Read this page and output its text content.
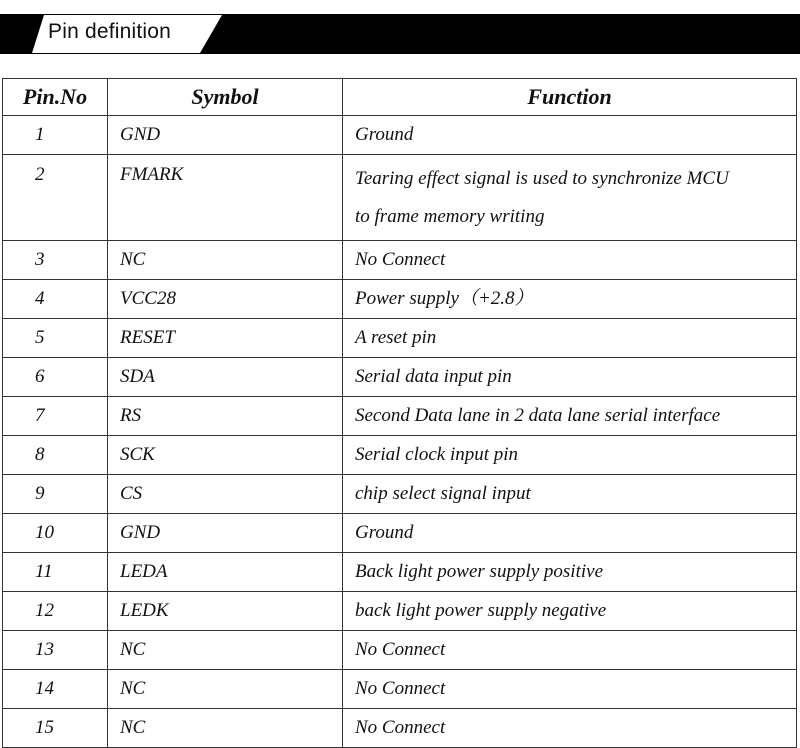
Pin definition
Pin.No	Symbol	Function
1	GND	Ground

2	FMARK	Tearing effect signal is used to synchronize MCU
to frame memory writing

3	NC	No Connect

4	VCC28	Power supply（+2.8）

5	RESET	A reset pin

6	SDA	Serial data input pin

7	RS	Second Data lane in 2 data lane serial interface

8	SCK	Serial clock input pin

9	CS	chip select signal input

10	GND	Ground

11	LEDA	Back light power supply positive

12	LEDK	back light power supply negative

13	NC	No Connect

14	NC	No Connect

15	NC	No Connect
